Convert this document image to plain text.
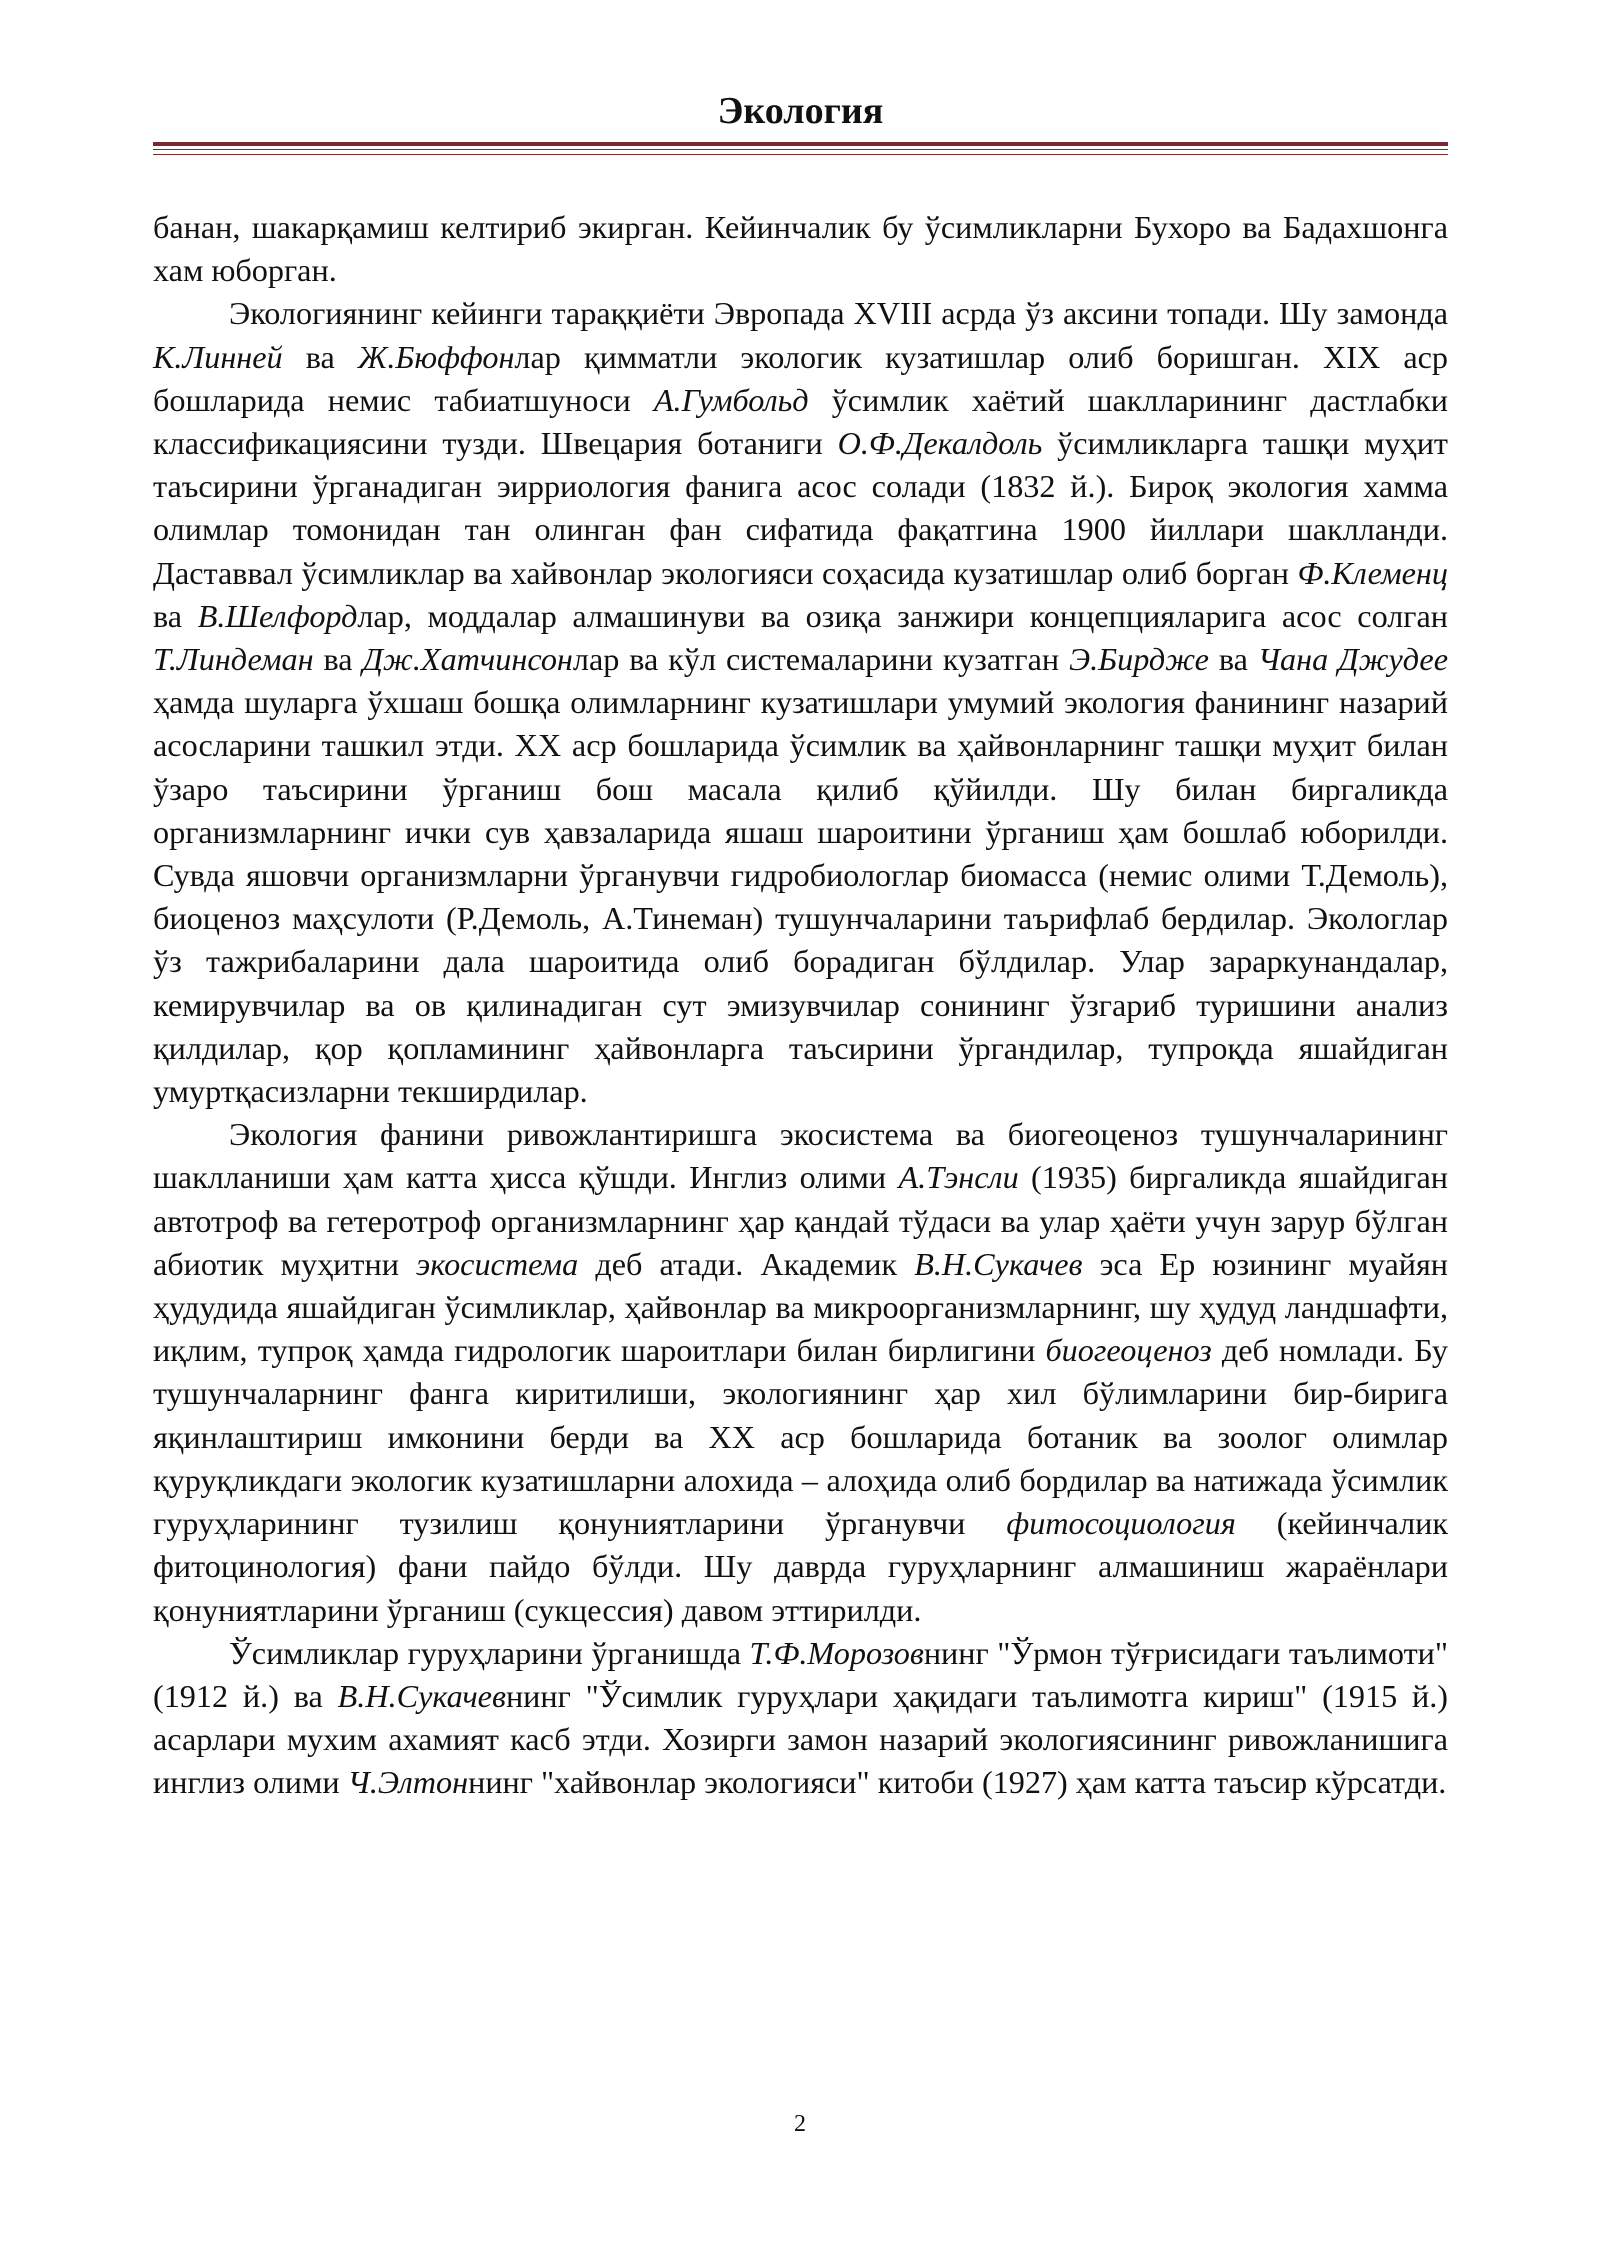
Экология

банан, шакарқамиш келтириб экирган. Кейинчалик бу ўсимликларни Бухоро ва Бадахшонга хам юборган.

Экологиянинг кейинги тараққиёти Эвропада XVIII асрда ўз аксини топади. Шу замонда К.Линней ва Ж.Бюффонлар қимматли экологик кузатишлар олиб боришган. ХIХ аср бошларида немис табиатшуноси А.Гумбольд ўсимлик хаётий шаклларининг дастлабки классификациясини тузди. Швецария ботаниги О.Ф.Декалдоль ўсимликларга ташқи муҳит таъсирини ўрганадиган эирриология фанига асос солади (1832 й.). Бироқ экология хамма олимлар томонидан тан олинган фан сифатида фақатгина 1900 йиллари шаклланди. Даставвал ўсимликлар ва хайвонлар экологияси соҳасида кузатишлар олиб борган Ф.Клеменц ва В.Шелфордлар, моддалар алмашинуви ва озиқа занжири концепцияларига асос солган Т.Линдеман ва Дж.Хатчинсонлар ва кўл системаларини кузатган Э.Бирдже ва Чана Джудее ҳамда шуларга ўхшаш бошқа олимларнинг кузатишлари умумий экология фанининг назарий асосларини ташкил этди. ХХ аср бошларида ўсимлик ва ҳайвонларнинг ташқи муҳит билан ўзаро таъсирини ўрганиш бош масала қилиб қўйилди. Шу билан биргаликда организмларнинг ички сув ҳавзаларида яшаш шароитини ўрганиш ҳам бошлаб юборилди. Сувда яшовчи организмларни ўрганувчи гидробиологлар биомасса (немис олими Т.Демоль), биоценоз маҳсулоти (Р.Демоль, А.Тинеман) тушунчаларини таърифлаб бердилар. Экологлар ўз тажрибаларини дала шароитида олиб борадиган бўлдилар. Улар зараркунандалар, кемирувчилар ва ов қилинадиган сут эмизувчилар сонининг ўзгариб туришини анализ қилдилар, қор қопламининг ҳайвонларга таъсирини ўргандилар, тупроқда яшайдиган умуртқасизларни текширдилар.

Экология фанини ривожлантиришга экосистема ва биогеоценоз тушунчаларининг шаклланиши ҳам катта ҳисса қўшди. Инглиз олими А.Тэнсли (1935) биргаликда яшайдиган автотроф ва гетеротроф организмларнинг ҳар қандай тўдаси ва улар ҳаёти учун зарур бўлган абиотик муҳитни экосистема деб атади. Академик В.Н.Сукачев эса Ер юзининг муайян ҳудудида яшайдиган ўсимликлар, ҳайвонлар ва микроорганизмларнинг, шу ҳудуд ландшафти, иқлим, тупроқ ҳамда гидрологик шароитлари билан бирлигини биогеоценоз деб номлади. Бу тушунчаларнинг фанга киритилиши, экологиянинг ҳар хил бўлимларини бир-бирига яқинлаштириш имконини берди ва ХХ аср бошларида ботаник ва зоолог олимлар қуруқликдаги экологик кузатишларни алохида – алоҳида олиб бордилар ва натижада ўсимлик гуруҳларининг тузилиш қонуниятларини ўрганувчи фитосоциология (кейинчалик фитоцинология) фани пайдо бўлди. Шу даврда гуруҳларнинг алмашиниш жараёнлари қонуниятларини ўрганиш (сукцессия) давом эттирилди.

Ўсимликлар гуруҳларини ўрганишда Т.Ф.Морозовнинг "Ўрмон тўғрисидаги таълимоти" (1912 й.) ва В.Н.Сукачевнинг "Ўсимлик гуруҳлари ҳақидаги таълимотга кириш" (1915 й.) асарлари мухим ахамият касб этди. Хозирги замон назарий экологиясининг ривожланишига инглиз олими Ч.Элтоннинг "хайвонлар экологияси" китоби (1927) ҳам катта таъсир кўрсатди.

2
